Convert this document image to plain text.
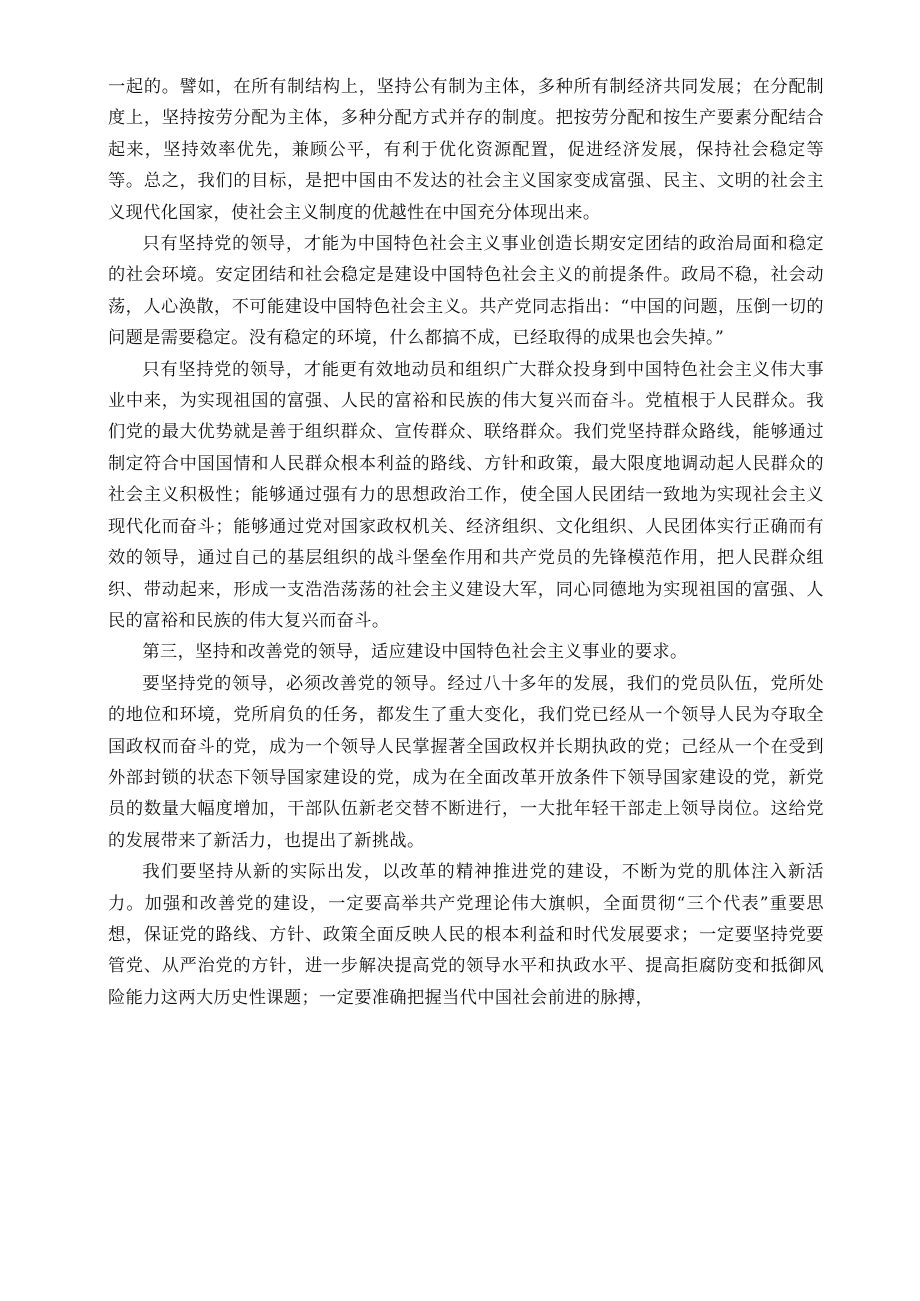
一起的。譬如，在所有制结构上，坚持公有制为主体，多种所有制经济共同发展；在分配制度上，坚持按劳分配为主体，多种分配方式并存的制度。把按劳分配和按生产要素分配结合起来，坚持效率优先，兼顾公平，有利于优化资源配置，促进经济发展，保持社会稳定等等。总之，我们的目标，是把中国由不发达的社会主义国家变成富强、民主、文明的社会主义现代化国家，使社会主义制度的优越性在中国充分体现出来。

只有坚持党的领导，才能为中国特色社会主义事业创造长期安定团结的政治局面和稳定的社会环境。安定团结和社会稳定是建设中国特色社会主义的前提条件。政局不稳，社会动荡，人心涣散，不可能建设中国特色社会主义。共产党同志指出：“中国的问题，压倒一切的问题是需要稳定。没有稳定的环境，什么都搞不成，已经取得的成果也会失掉。”

只有坚持党的领导，才能更有效地动员和组织广大群众投身到中国特色社会主义伟大事业中来，为实现祖国的富强、人民的富裕和民族的伟大复兴而奋斗。党植根于人民群众。我们党的最大优势就是善于组织群众、宣传群众、联络群众。我们党坚持群众路线，能够通过制定符合中国国情和人民群众根本利益的路线、方针和政策，最大限度地调动起人民群众的社会主义积极性；能够通过强有力的思想政治工作，使全国人民团结一致地为实现社会主义现代化而奋斗；能够通过党对国家政权机关、经济组织、文化组织、人民团体实行正确而有效的领导，通过自己的基层组织的战斗堡垒作用和共产党员的先锋模范作用，把人民群众组织、带动起来，形成一支浩浩荡荡的社会主义建设大军，同心同德地为实现祖国的富强、人民的富裕和民族的伟大复兴而奋斗。

第三，坚持和改善党的领导，适应建设中国特色社会主义事业的要求。

要坚持党的领导，必须改善党的领导。经过八十多年的发展，我们的党员队伍，党所处的地位和环境，党所肩负的任务，都发生了重大变化，我们党已经从一个领导人民为夺取全国政权而奋斗的党，成为一个领导人民掌握著全国政权并长期执政的党；己经从一个在受到外部封锁的状态下领导国家建设的党，成为在全面改革开放条件下领导国家建设的党，新党员的数量大幅度增加，干部队伍新老交替不断进行，一大批年轻干部走上领导岗位。这给党的发展带来了新活力，也提出了新挑战。

我们要坚持从新的实际出发，以改革的精神推进党的建设，不断为党的肌体注入新活力。加强和改善党的建设，一定要高举共产党理论伟大旗帜，全面贯彻“三个代表”重要思想，保证党的路线、方针、政策全面反映人民的根本利益和时代发展要求；一定要坚持党要管党、从严治党的方针，进一步解决提高党的领导水平和执政水平、提高拒腐防变和抵御风险能力这两大历史性课题；一定要准确把握当代中国社会前进的脉搏，
